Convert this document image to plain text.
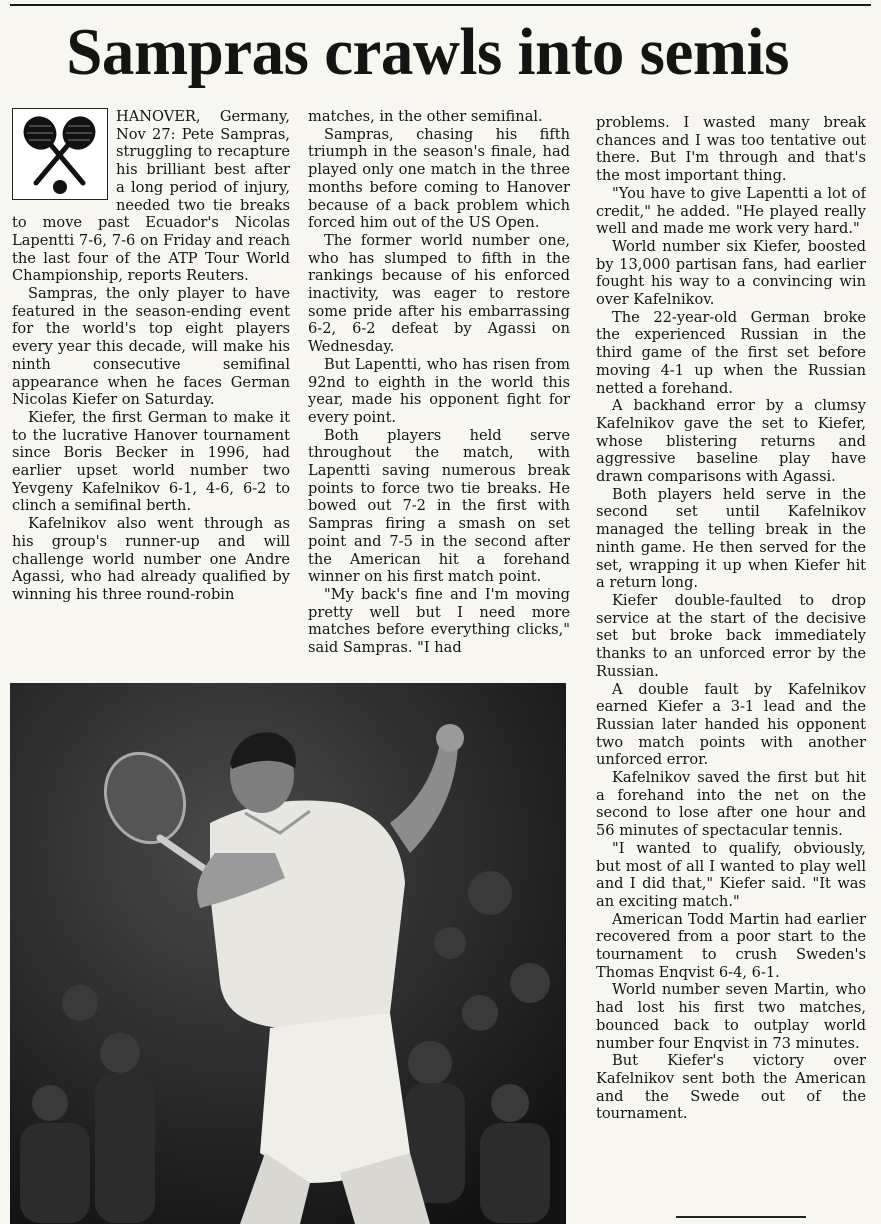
Sampras crawls into semis

HANOVER, Germany, Nov 27: Pete Sampras, struggling to recapture his brilliant best after a long period of injury, needed two tie breaks to move past Ecuador's Nicolas Lapentti 7-6, 7-6 on Friday and reach the last four of the ATP Tour World Championship, reports Reuters.

Sampras, the only player to have featured in the season-ending event for the world's top eight players every year this decade, will make his ninth consecutive semifinal appearance when he faces German Nicolas Kiefer on Saturday.

Kiefer, the first German to make it to the lucrative Hanover tournament since Boris Becker in 1996, had earlier upset world number two Yevgeny Kafelnikov 6-1, 4-6, 6-2 to clinch a semifinal berth.

Kafelnikov also went through as his group's runner-up and will challenge world number one Andre Agassi, who had already qualified by winning his three round-robin

matches, in the other semifinal.

Sampras, chasing his fifth triumph in the season's finale, had played only one match in the three months before coming to Hanover because of a back problem which forced him out of the US Open.

The former world number one, who has slumped to fifth in the rankings because of his enforced inactivity, was eager to restore some pride after his embarrassing 6-2, 6-2 defeat by Agassi on Wednesday.

But Lapentti, who has risen from 92nd to eighth in the world this year, made his opponent fight for every point.

Both players held serve throughout the match, with Lapentti saving numerous break points to force two tie breaks. He bowed out 7-2 in the first with Sampras firing a smash on set point and 7-5 in the second after the American hit a forehand winner on his first match point.

"My back's fine and I'm moving pretty well but I need more matches before everything clicks," said Sampras. "I had

problems. I wasted many break chances and I was too tentative out there. But I'm through and that's the most important thing.

"You have to give Lapentti a lot of credit," he added. "He played really well and made me work very hard."

World number six Kiefer, boosted by 13,000 partisan fans, had earlier fought his way to a convincing win over Kafelnikov.

The 22-year-old German broke the experienced Russian in the third game of the first set before moving 4-1 up when the Russian netted a forehand.

A backhand error by a clumsy Kafelnikov gave the set to Kiefer, whose blistering returns and aggressive baseline play have drawn comparisons with Agassi.

Both players held serve in the second set until Kafelnikov managed the telling break in the ninth game. He then served for the set, wrapping it up when Kiefer hit a return long.

Kiefer double-faulted to drop service at the start of the decisive set but broke back immediately thanks to an unforced error by the Russian.

A double fault by Kafelnikov earned Kiefer a 3-1 lead and the Russian later handed his opponent two match points with another unforced error.

Kafelnikov saved the first but hit a forehand into the net on the second to lose after one hour and 56 minutes of spectacular tennis.

"I wanted to qualify, obviously, but most of all I wanted to play well and I did that," Kiefer said. "It was an exciting match."

American Todd Martin had earlier recovered from a poor start to the tournament to crush Sweden's Thomas Enqvist 6-4, 6-1.

World number seven Martin, who had lost his first two matches, bounced back to outplay world number four Enqvist in 73 minutes.

But Kiefer's victory over Kafelnikov sent both the American and the Swede out of the tournament.
